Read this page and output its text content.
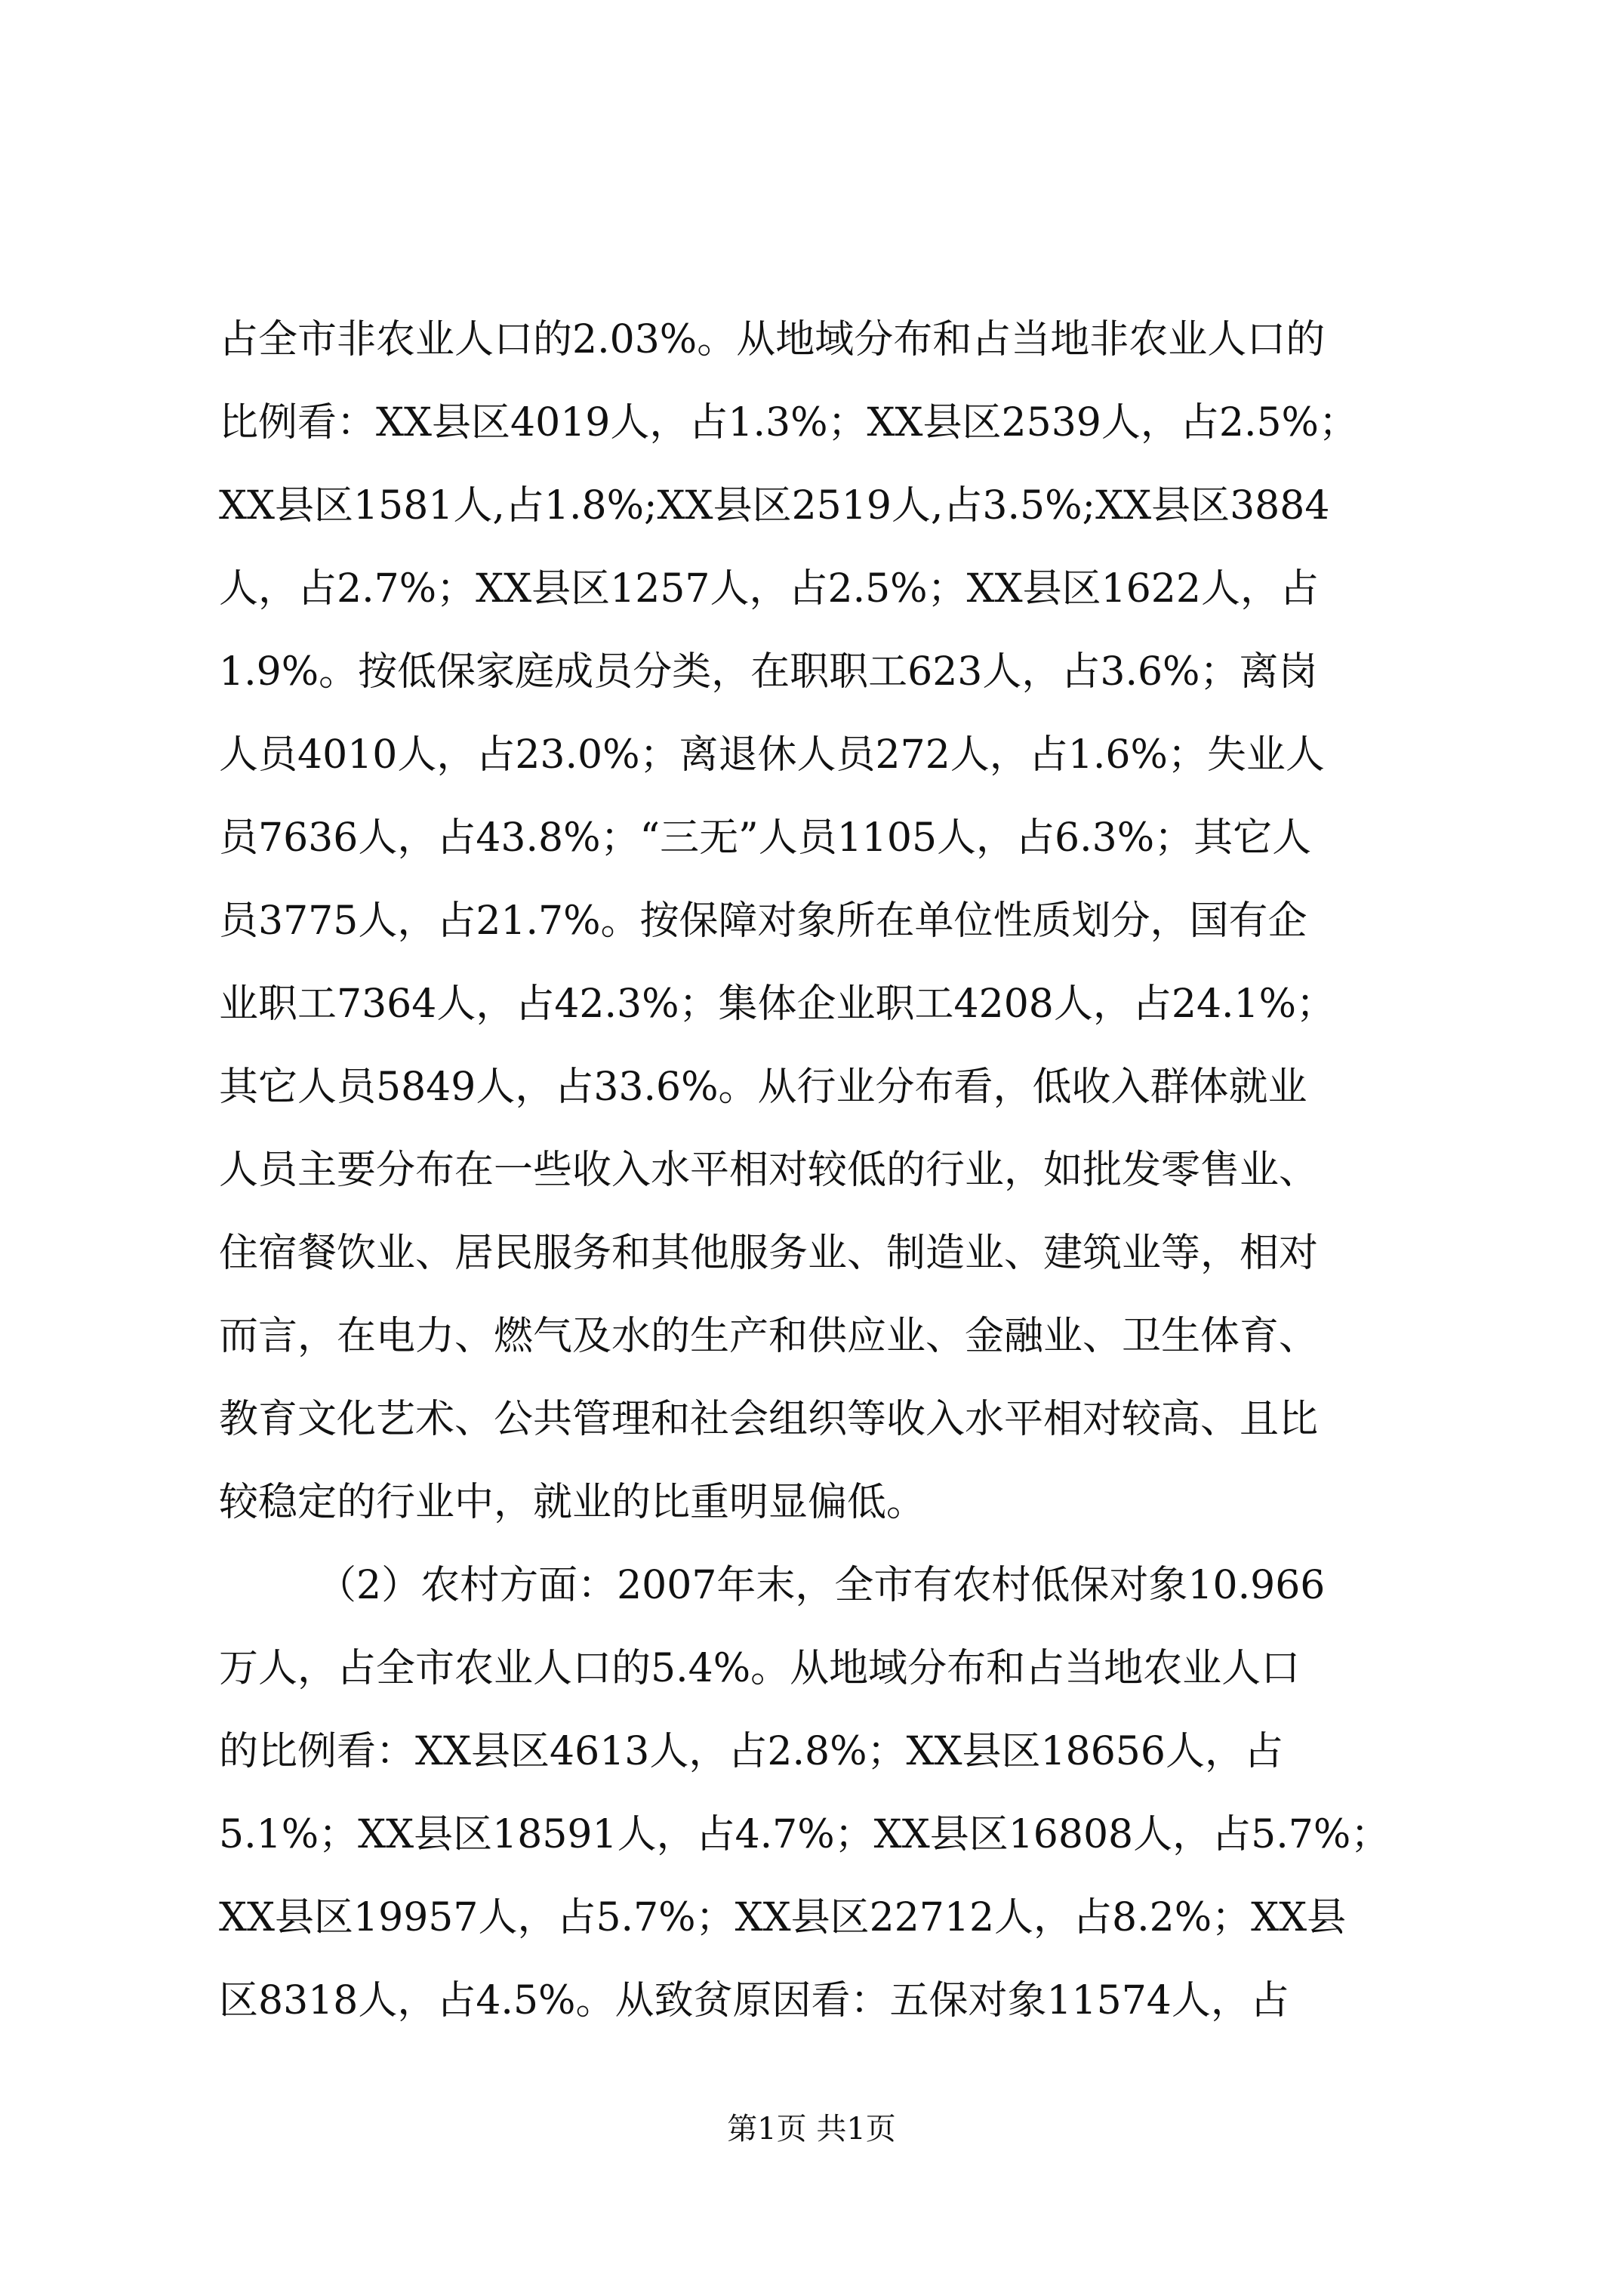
占全市非农业人口的2.03%。从地域分布和占当地非农业人口的
比例看：XX县区4019人，占1.3%；XX县区2539人，占2.5%；
XX县区1581人,占1.8%;XX县区2519人,占3.5%;XX县区3884
人，占2.7%；XX县区1257人，占2.5%；XX县区1622人，占
1.9%。按低保家庭成员分类，在职职工623人，占3.6%；离岗
人员4010人，占23.0%；离退休人员272人，占1.6%；失业人
员7636人，占43.8%；“三无”人员1105人，占6.3%；其它人
员3775人，占21.7%。按保障对象所在单位性质划分，国有企
业职工7364人，占42.3%；集体企业职工4208人，占24.1%；
其它人员5849人，占33.6%。从行业分布看，低收入群体就业
人员主要分布在一些收入水平相对较低的行业，如批发零售业、
住宿餐饮业、居民服务和其他服务业、制造业、建筑业等，相对
而言，在电力、燃气及水的生产和供应业、金融业、卫生体育、
教育文化艺术、公共管理和社会组织等收入水平相对较高、且比
较稳定的行业中，就业的比重明显偏低。
（2）农村方面：2007年末，全市有农村低保对象10.966
万人，占全市农业人口的5.4%。从地域分布和占当地农业人口
的比例看：XX县区4613人，占2.8%；XX县区18656人，占
5.1%；XX县区18591人，占4.7%；XX县区16808人，占5.7%；
XX县区19957人，占5.7%；XX县区22712人，占8.2%；XX县
区8318人，占4.5%。从致贫原因看：五保对象11574人，占
第1页 共1页
